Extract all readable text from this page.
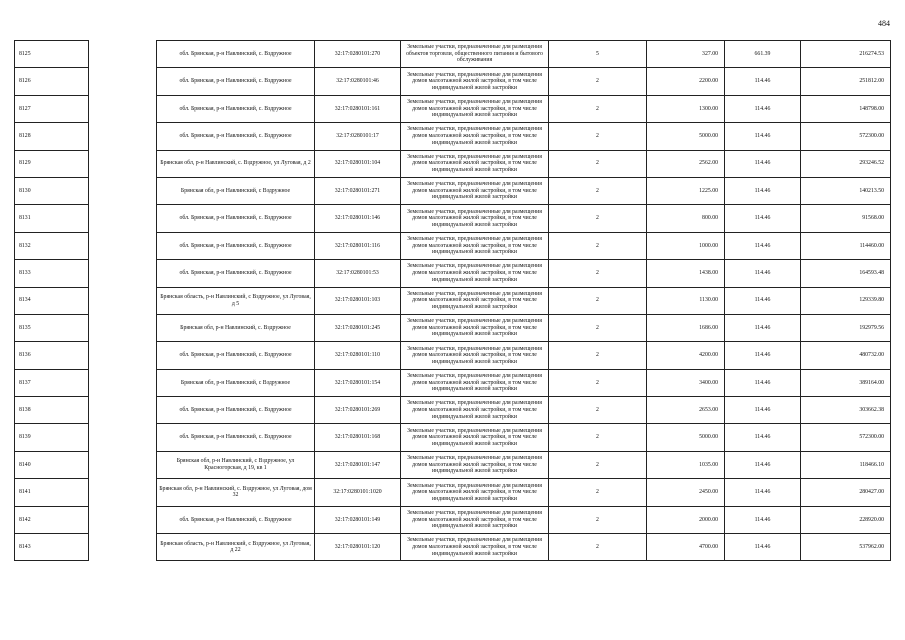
484
8125		обл. Брянская, р-н Навлинский, с. Вздружное	32:17:0280101:270	Земельные участки, предназначенные для размещения объектов торговли, общественного питания и бытового обслуживания	5	327.00	661.39	216274.53
8126		обл. Брянская, р-н Навлинский, с. Вздружное	32:17:0280101:46	Земельные участки, предназначенные для размещения домов малоэтажной жилой застройки, в том числе индивидуальной жилой застройки	2	2200.00	114.46	251812.00
8127		обл. Брянская, р-н Навлинский, с. Вздружное	32:17:0280101:161	Земельные участки, предназначенные для размещения домов малоэтажной жилой застройки, в том числе индивидуальной жилой застройки	2	1300.00	114.46	148798.00
8128		обл. Брянская, р-н Навлинский, с. Вздружное	32:17:0280101:17	Земельные участки, предназначенные для размещения домов малоэтажной жилой застройки, в том числе индивидуальной жилой застройки	2	5000.00	114.46	572300.00
8129		Брянская обл, р-н Навлинский, с. Вздружное, ул Луговая, д 2	32:17:0280101:104	Земельные участки, предназначенные для размещения домов малоэтажной жилой застройки, в том числе индивидуальной жилой застройки	2	2562.00	114.46	293246.52
8130		Брянская обл, р-н Навлинский, с Вздружное	32:17:0280101:271	Земельные участки, предназначенные для размещения домов малоэтажной жилой застройки, в том числе индивидуальной жилой застройки	2	1225.00	114.46	140213.50
8131		обл. Брянская, р-н Навлинский, с. Вздружное	32:17:0280101:146	Земельные участки, предназначенные для размещения домов малоэтажной жилой застройки, в том числе индивидуальной жилой застройки	2	800.00	114.46	91568.00
8132		обл. Брянская, р-н Навлинский, с. Вздружное	32:17:0280101:116	Земельные участки, предназначенные для размещения домов малоэтажной жилой застройки, в том числе индивидуальной жилой застройки	2	1000.00	114.46	114460.00
8133		обл. Брянская, р-н Навлинский, с. Вздружное	32:17:0280101:53	Земельные участки, предназначенные для размещения домов малоэтажной жилой застройки, в том числе индивидуальной жилой застройки	2	1438.00	114.46	164593.48
8134		Брянская область, р-н Навлинский, с Вздружное, ул Луговая, д 5	32:17:0280101:103	Земельные участки, предназначенные для размещения домов малоэтажной жилой застройки, в том числе индивидуальной жилой застройки	2	1130.00	114.46	129339.80
8135		Брянская обл, р-н Навлинский, с. Вздружное	32:17:0280101:245	Земельные участки, предназначенные для размещения домов малоэтажной жилой застройки, в том числе индивидуальной жилой застройки	2	1686.00	114.46	192979.56
8136		обл. Брянская, р-н Навлинский, с. Вздружное	32:17:0280101:110	Земельные участки, предназначенные для размещения домов малоэтажной жилой застройки, в том числе индивидуальной жилой застройки	2	4200.00	114.46	480732.00
8137		Брянская обл, р-н Навлинский, с Вздружное	32:17:0280101:154	Земельные участки, предназначенные для размещения домов малоэтажной жилой застройки, в том числе индивидуальной жилой застройки	2	3400.00	114.46	389164.00
8138		обл. Брянская, р-н Навлинский, с. Вздружное	32:17:0280101:269	Земельные участки, предназначенные для размещения домов малоэтажной жилой застройки, в том числе индивидуальной жилой застройки	2	2653.00	114.46	303662.38
8139		обл. Брянская, р-н Навлинский, с. Вздружное	32:17:0280101:168	Земельные участки, предназначенные для размещения домов малоэтажной жилой застройки, в том числе индивидуальной жилой застройки	2	5000.00	114.46	572300.00
8140		Брянская обл, р-н Навлинский, с Вздружное, ул Красногорская, д 19, кв 1	32:17:0280101:147	Земельные участки, предназначенные для размещения домов малоэтажной жилой застройки, в том числе индивидуальной жилой застройки	2	1035.00	114.46	118466.10
8141		Брянская обл, р-н Навлинский, с. Вздружное, ул Луговая, дом 32	32:17:0280101:1020	Земельные участки, предназначенные для размещения домов малоэтажной жилой застройки, в том числе индивидуальной жилой застройки	2	2450.00	114.46	280427.00
8142		обл. Брянская, р-н Навлинский, с. Вздружное	32:17:0280101:149	Земельные участки, предназначенные для размещения домов малоэтажной жилой застройки, в том числе индивидуальной жилой застройки	2	2000.00	114.46	228920.00
8143		Брянская область, р-н Навлинский, с Вздружное, ул Луговая, д 22	32:17:0280101:120	Земельные участки, предназначенные для размещения домов малоэтажной жилой застройки, в том числе индивидуальной жилой застройки	2	4700.00	114.46	537962.00
